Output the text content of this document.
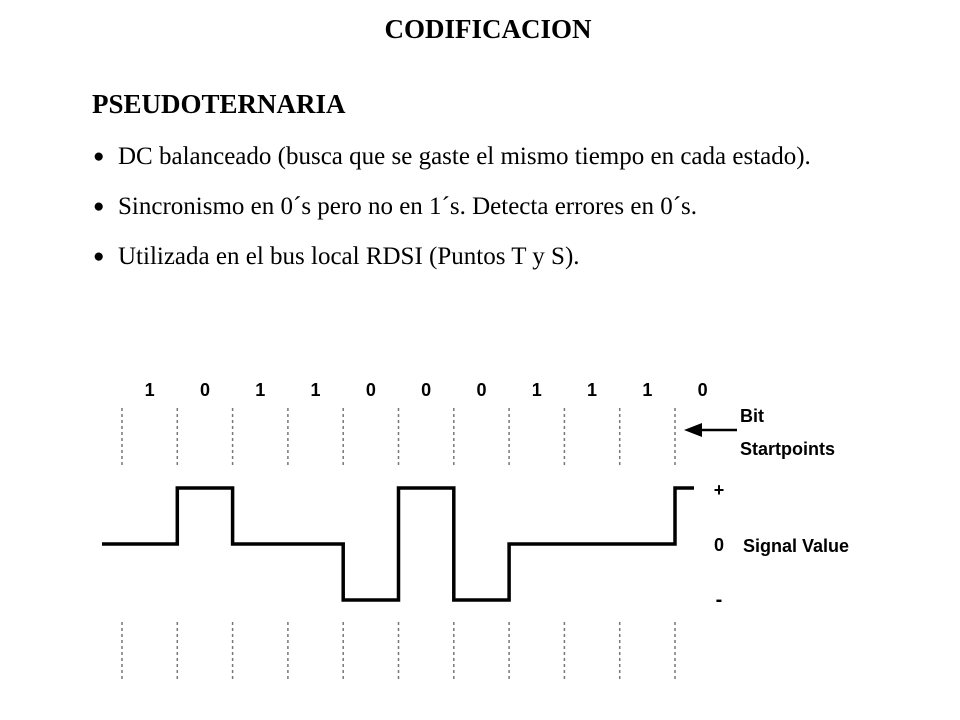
CODIFICACION
PSEUDOTERNARIA
● DC balanceado (busca que se gaste el mismo tiempo en cada estado).
● Sincronismo en 0´s pero no en 1´s. Detecta errores en 0´s.
● Utilizada en el bus local RDSI (Puntos T y S).
1	0	1	1	0	0	0	1	1	1	0
Bit
Startpoints
+
0
-
Signal Value
